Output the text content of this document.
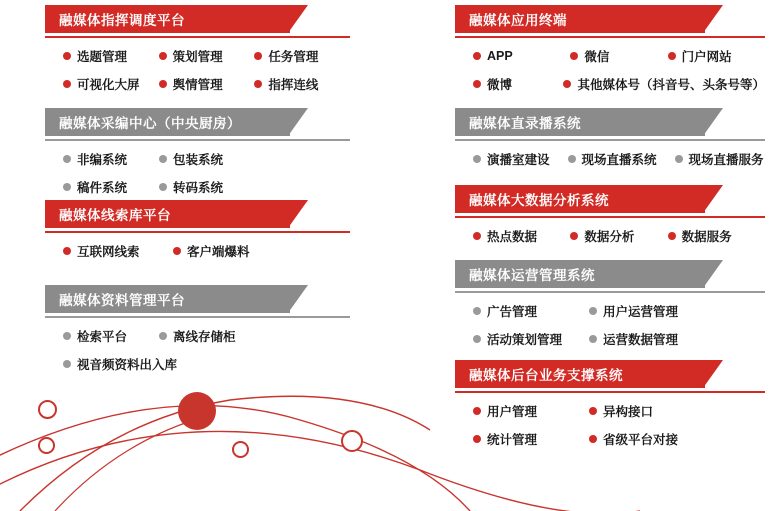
融媒体指挥调度平台
选题管理	策划管理	任务管理
可视化大屏	舆情管理	指挥连线
融媒体采编中心（中央厨房）
非编系统	包装系统
稿件系统	转码系统
融媒体线索库平台
互联网线索	客户端爆料
融媒体资料管理平台
检索平台	离线存储柜
视音频资料出入库
融媒体应用终端
APP	微信	门户网站
微博	其他媒体号（抖音号、头条号等）
融媒体直录播系统
演播室建设	现场直播系统	现场直播服务
融媒体大数据分析系统
热点数据	数据分析	数据服务
融媒体运营管理系统
广告管理	用户运营管理
活动策划管理	运营数据管理
融媒体后台业务支撑系统
用户管理	异构接口
统计管理	省级平台对接
